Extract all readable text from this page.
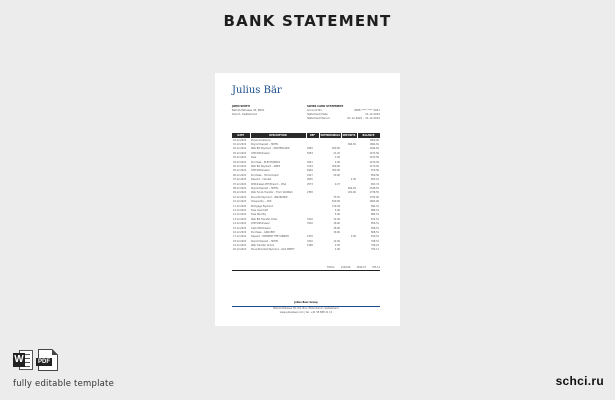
BANK STATEMENT
Julius Bär
JOHN SMITH
Bahnhofstrasse 45, 8001
Zurich, Switzerland
SWISS CARD STATEMENT
Account No.	4586 **** **** 2041
Statement Date	31.12.2022
Statement Period	01.12.2022 – 31.12.2022
DATE	DESCRIPTION	REF	WITHDRAWALS	DEPOSITS	BALANCE
01.12.2022	Previous balance				1000.00
01.12.2022	Payroll Deposit – HOTEL			694.81	1694.81
02.12.2022	Web Bill Payment – MASTERCARD	9345	200.00		1494.81
02.12.2022	ATM Withdrawal	5954	21.25		1473.56
03.12.2022	Fees		1.00		1472.56
04.12.2022	Purchase – ELECTRONICS	3041	2.00		1470.56
05.12.2022	Web Bill Payment – AMEX	3134	300.00		1170.56
05.12.2022	ATM Withdrawal	6904	300.00		870.56
06.12.2022	Purchase – Home Depot	9127	20.00		850.56
07.12.2022	Deposit – Interest	9935		2.45	853.01
07.12.2022	Withdrawal ATM Branch – VISA	2573	9.27		843.74
08.12.2022	Payroll Deposit – HOTEL			694.81	1538.55
09.12.2022	Web Funds Transfer – From SAVINGS	2383		200.00	1738.55
10.12.2022	Pre-Auth Payment – INSURANCE		33.55		1705.00
10.12.2022	Cheque No. – 409		100.00		1605.00
11.12.2022	Mortgage Payment		710.49		894.51
12.12.2022	Fees Overdraft		5.00		889.51
12.12.2022	Fees Monthly		5.00		884.51
13.12.2022	Web Bill Transfer Order	3210	12.00		872.51
14.12.2022	ATM Withdrawal	7616	16.00		856.51
15.12.2022	Cash Withdrawal		18.00		838.51
16.12.2022	Purchase – GROCERY		30.00		808.51
17.12.2022	Deposit – INTEREST FEE SUBSIDY	4370		2.00	810.51
18.12.2022	Payroll Deposit – HOTEL	3210	12.00		798.51
19.12.2022	Web Transfer Online	5168	2.50		796.01
20.12.2022	Pre-Authorized Payment – GAS DEPOT		2.90		793.11
TOTAL:	2104.96	1594.07	793.11
Julius Baer Group
Bahnhofstrasse 36, P.O. Box, 8010 Zurich, Switzerland
www.juliusbaer.com | tel. +41 58 888 11 11
W	PDF
fully editable template	schci.ru
